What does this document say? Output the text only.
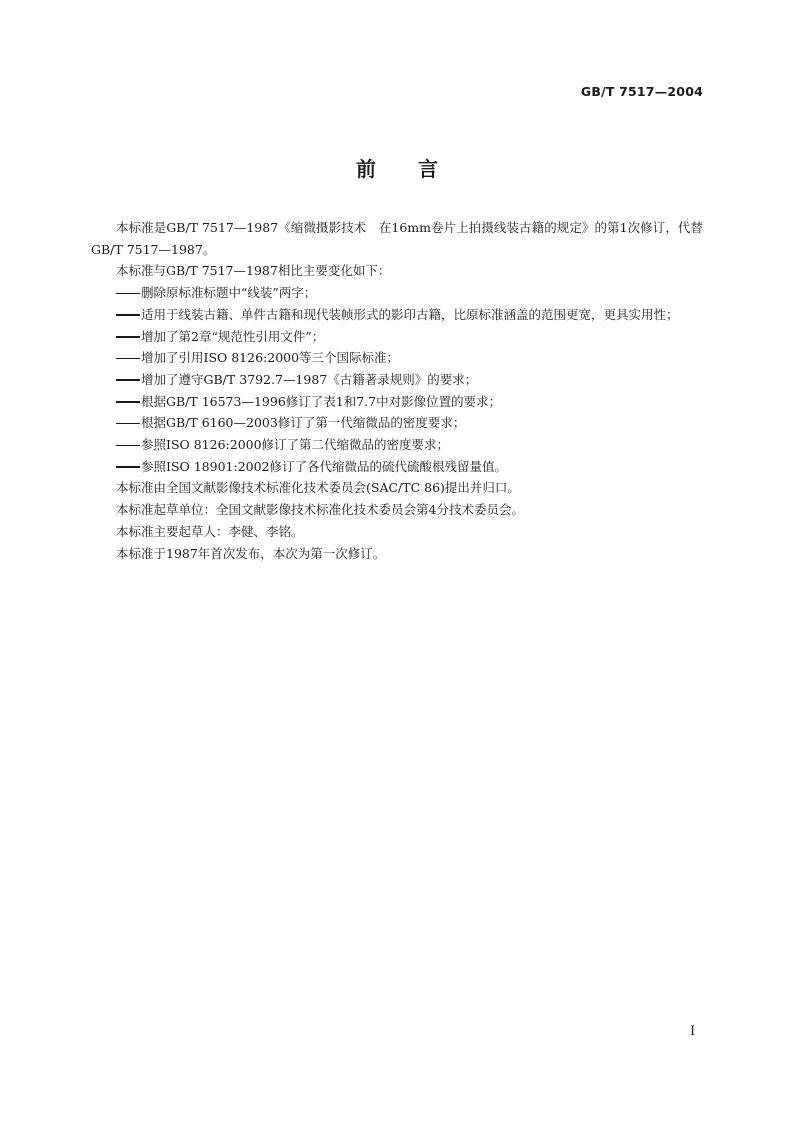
GB/T 7517—2004
前言

本标准是GB/T 7517—1987《缩微摄影技术　在16mm卷片上拍摄线装古籍的规定》的第1次修订，代替GB/T 7517—1987。

本标准与GB/T 7517—1987相比主要变化如下：

删除原标准标题中“线装”两字；

适用于线装古籍、单件古籍和现代装帧形式的影印古籍，比原标准涵盖的范围更宽，更具实用性；

增加了第2章“规范性引用文件”；

增加了引用ISO 8126:2000等三个国际标准；

增加了遵守GB/T 3792.7—1987《古籍著录规则》的要求；

根据GB/T 16573—1996修订了表1和7.7中对影像位置的要求；

根据GB/T 6160—2003修订了第一代缩微品的密度要求；

参照ISO 8126:2000修订了第二代缩微品的密度要求；

参照ISO 18901:2002修订了各代缩微品的硫代硫酸根残留量值。

本标准由全国文献影像技术标准化技术委员会(SAC/TC 86)提出并归口。

本标准起草单位：全国文献影像技术标准化技术委员会第4分技术委员会。

本标准主要起草人：李健、李铭。

本标准于1987年首次发布，本次为第一次修订。

I
